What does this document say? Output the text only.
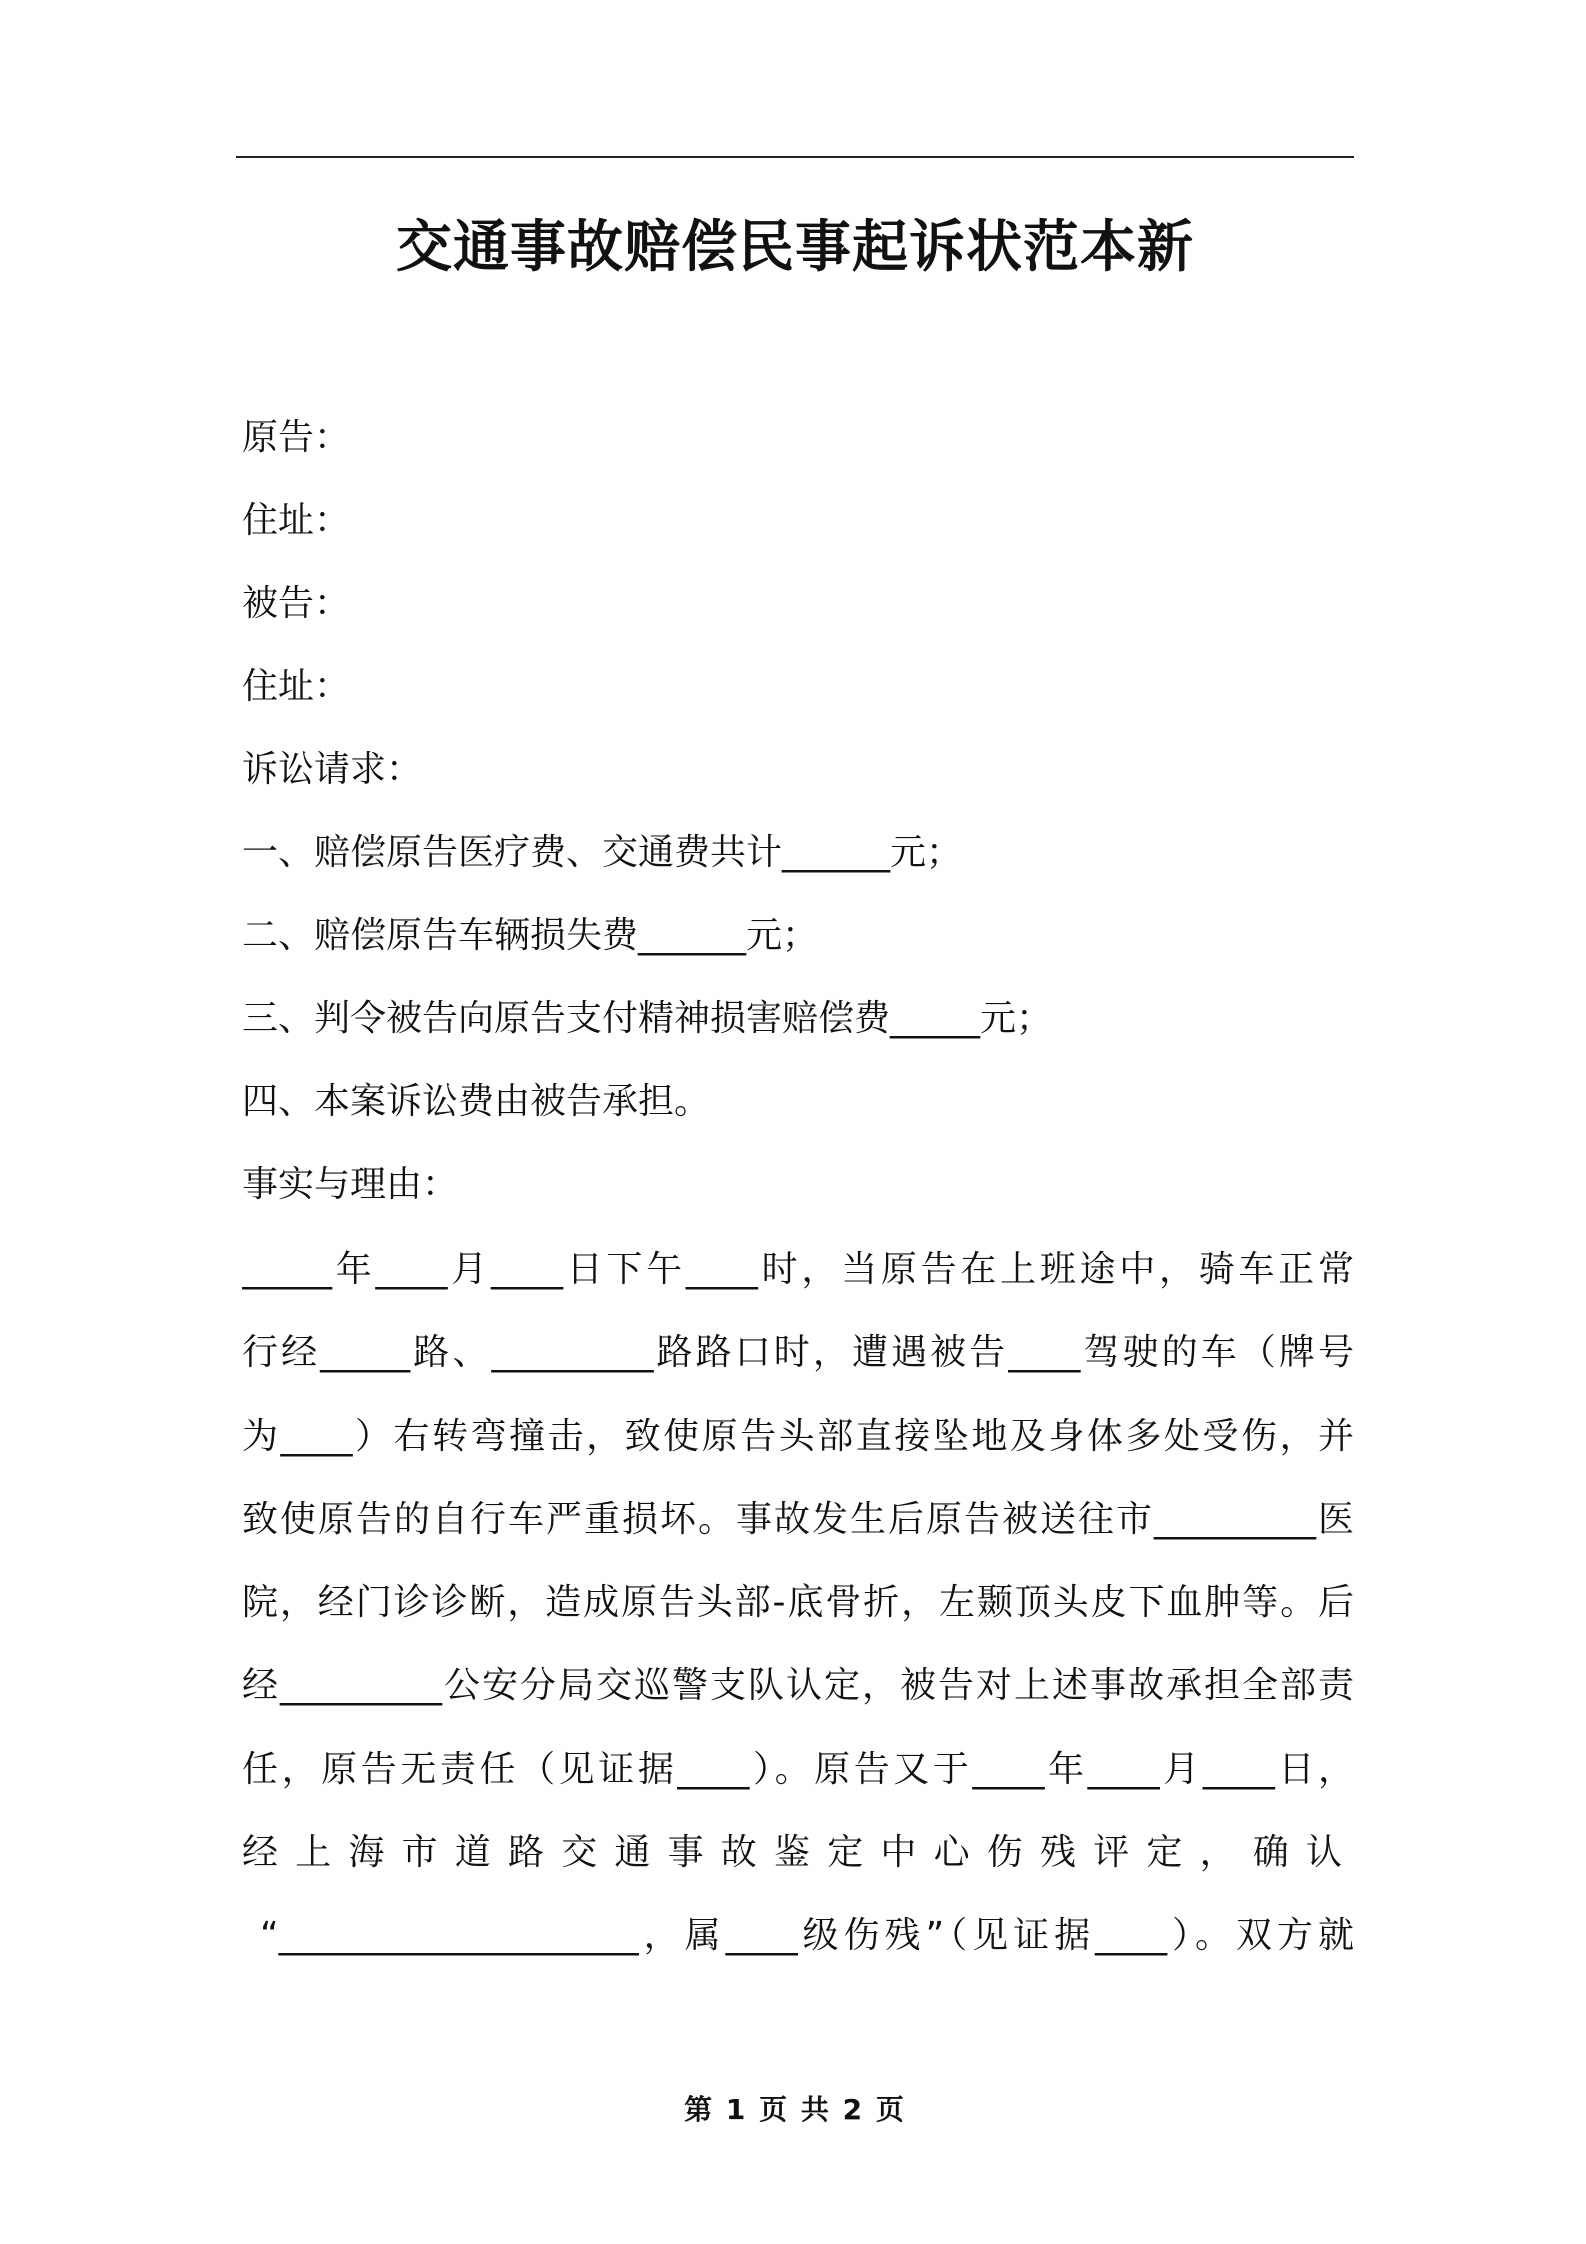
交通事故赔偿民事起诉状范本新
原告：
住址：
被告：
住址：
诉讼请求：
一、赔偿原告医疗费、交通费共计______元；
二、赔偿原告车辆损失费______元；
三、判令被告向原告支付精神损害赔偿费_____元；
四、本案诉讼费由被告承担。
事实与理由：
_____年____月____日下午____时，当原告在上班途中，骑车正常
行经_____路、_________路路口时，遭遇被告____驾驶的车（牌号
为____）右转弯撞击，致使原告头部直接坠地及身体多处受伤，并
致使原告的自行车严重损坏。事故发生后原告被送往市_________医
院，经门诊诊断，造成原告头部-底骨折，左颞顶头皮下血肿等。后
经_________公安分局交巡警支队认定，被告对上述事故承担全部责
任，原告无责任（见证据____）。原告又于____年____月____日，
经上海市道路交通事故鉴定中心伤残评定，确认
“____________________，属____级伤残”（见证据____）。双方就
第 1 页 共 2 页
